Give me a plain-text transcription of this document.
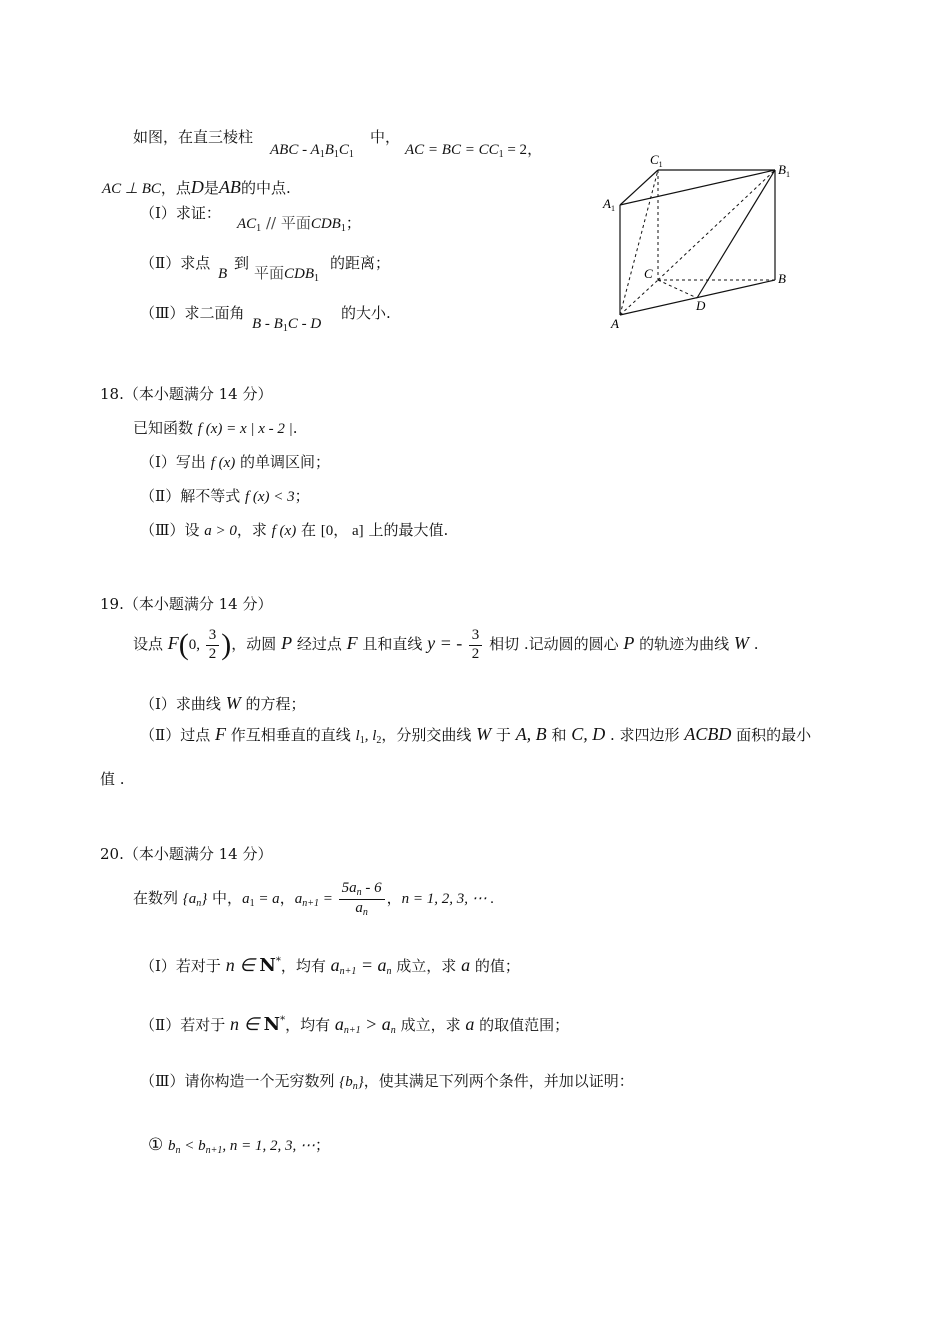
如图，在直三棱柱
ABC - $A_1B_1C_1$
中，
AC = BC = $CC_1 = 2$，
AC ⊥ BC，点D是AB的中点.
（Ⅰ）求证：
$AC_1$ // 平面$CDB_1$；
（Ⅱ）求点
B
到
平面$CDB_1$
的距离；
（Ⅲ）求二面角
B - $B_1C$ - D
的大小.
$C_1$	$B_1$
$A_1$
C	B
A
D
18.（本小题满分 14 分）
已知函数 f (x) = x | x - 2 |.
（Ⅰ）写出 f (x) 的单调区间；
（Ⅱ）解不等式 f (x) < 3；
（Ⅲ）设 a > 0，求 f (x) 在 [0， a] 上的最大值.
19.（本小题满分 14 分）
设点 F(0, $\frac{3}{2}$ )，动圆 P 经过点 F 且和直线 y = - $\frac{3}{2}$ 相切 .记动圆的圆心 P 的轨迹为曲线 W .
（Ⅰ）求曲线 W 的方程；
（Ⅱ）过点 F 作互相垂直的直线 $l_1$, $l_2$，分别交曲线 W 于 A, B 和 C, D . 求四边形 ACBD 面积的最小
值 .
20.（本小题满分 14 分）
在数列 $\{a_n\}$ 中，$a_1 = a$，$a_{n+1} = \frac{5a_n - 6}{a_n}$ ，n = 1, 2, 3, ⋯ .
（Ⅰ）若对于 n ∈ N*，均有 $a_{n+1} = a_n$ 成立，求 a 的值；
（Ⅱ）若对于 n ∈ N*，均有 $a_{n+1} > a_n$ 成立，求 a 的取值范围；
（Ⅲ）请你构造一个无穷数列 $\{b_n\}$，使其满足下列两个条件，并加以证明：
① $b_n < b_{n+1}$, n = 1, 2, 3, ⋯；
